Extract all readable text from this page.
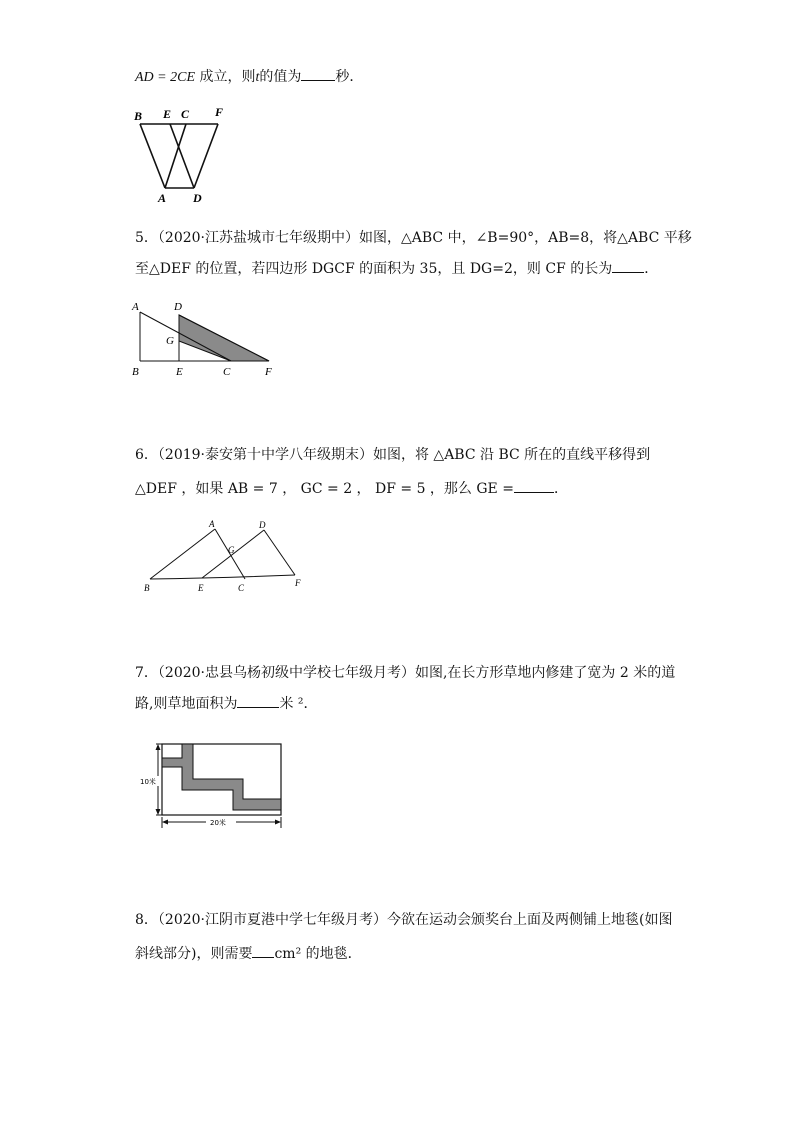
AD = 2CE 成立，则t的值为 秒．
B E C F
A D
5．（2020·江苏盐城市七年级期中）如图，△ABC 中，∠B=90°，AB=8，将△ABC 平移
至△DEF 的位置，若四边形 DGCF 的面积为 35，且 DG=2，则 CF 的长为 ．
A	D
G
B	E	C	F
6．（2019·泰安第十中学八年级期末）如图，将 △ABC 沿 BC 所在的直线平移得到
△DEF ，如果 AB = 7 ， GC = 2 ， DF = 5 ，那么 GE =	．
A	D
G
B	E	C	F
7．（2020·忠县乌杨初级中学校七年级月考）如图,在长方形草地内修建了宽为 2 米的道
路,则草地面积为	米 ²．
10米
20米
8．（2020·江阴市夏港中学七年级月考）今欲在运动会颁奖台上面及两侧铺上地毯(如图
斜线部分)，则需要 cm² 的地毯．
